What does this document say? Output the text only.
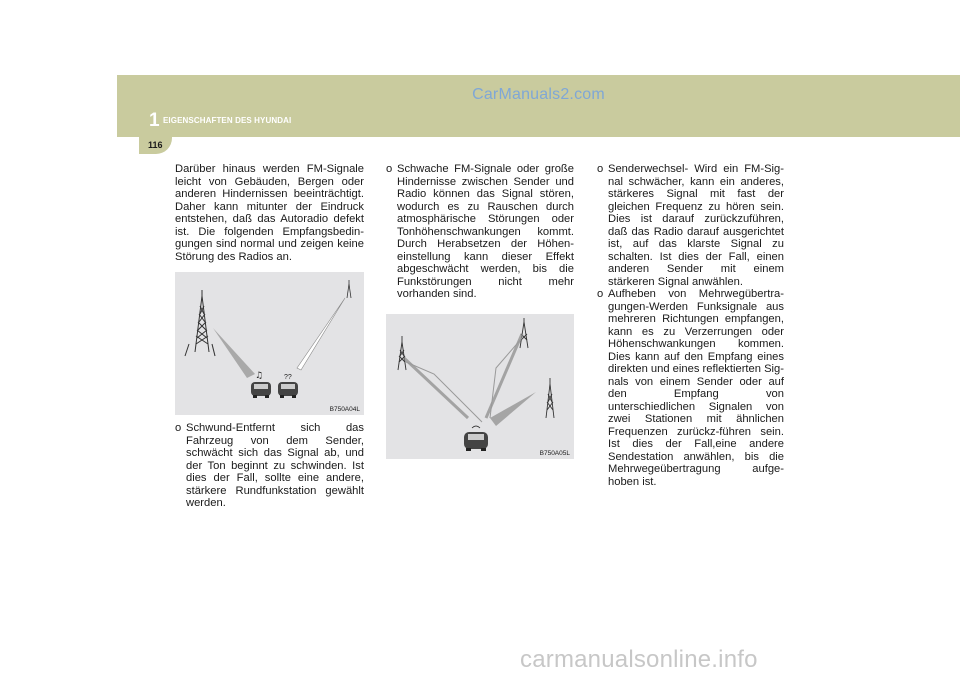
CarManuals2.com
1 EIGENSCHAFTEN DES HYUNDAI
116

Darüber hinaus werden FM-Signale leicht von Gebäuden, Bergen oder anderen Hindernissen beeinträchtigt. Daher kann mitunter der Eindruck entstehen, daß das Autoradio defekt ist. Die folgenden Empfangsbedin-gungen sind normal und zeigen keine Störung des Radios an.

♫	??
B750A04L
o Schwund-Entfernt sich das Fahrzeug von dem Sender, schwächt sich das Signal ab, und der Ton beginnt zu schwinden. Ist dies der Fall, sollte eine andere, stärkere Rundfunkstation gewählt werden.
o Schwache FM-Signale oder große Hindernisse zwischen Sender und Radio können das Signal stören, wodurch es zu Rauschen durch atmosphärische Störungen oder Tonhöhenschwankungen kommt. Durch Herabsetzen der Höhen-einstellung kann dieser Effekt abgeschwächt werden, bis die Funkstörungen nicht mehr vorhanden sind.
B750A05L
o Senderwechsel- Wird ein FM-Sig-nal schwächer, kann ein anderes, stärkeres Signal mit fast der gleichen Frequenz zu hören sein. Dies ist darauf zurückzuführen, daß das Radio darauf ausgerichtet ist, auf das klarste Signal zu schalten. Ist dies der Fall, einen anderen Sender mit einem stärkeren Signal anwählen.
o Aufheben von Mehrwegübertra-gungen-Werden Funksignale aus mehreren Richtungen empfangen, kann es zu Verzerrungen oder Höhenschwankungen kommen. Dies kann auf den Empfang eines direkten und eines reflektierten Sig-nals von einem Sender oder auf den Empfang von unterschiedlichen Signalen von zwei Stationen mit ähnlichen Frequenzen zurückz-führen sein. Ist dies der Fall,eine andere Sendestation anwählen, bis die Mehrwegeübertragung aufge-hoben ist.
carmanualsonline.info
